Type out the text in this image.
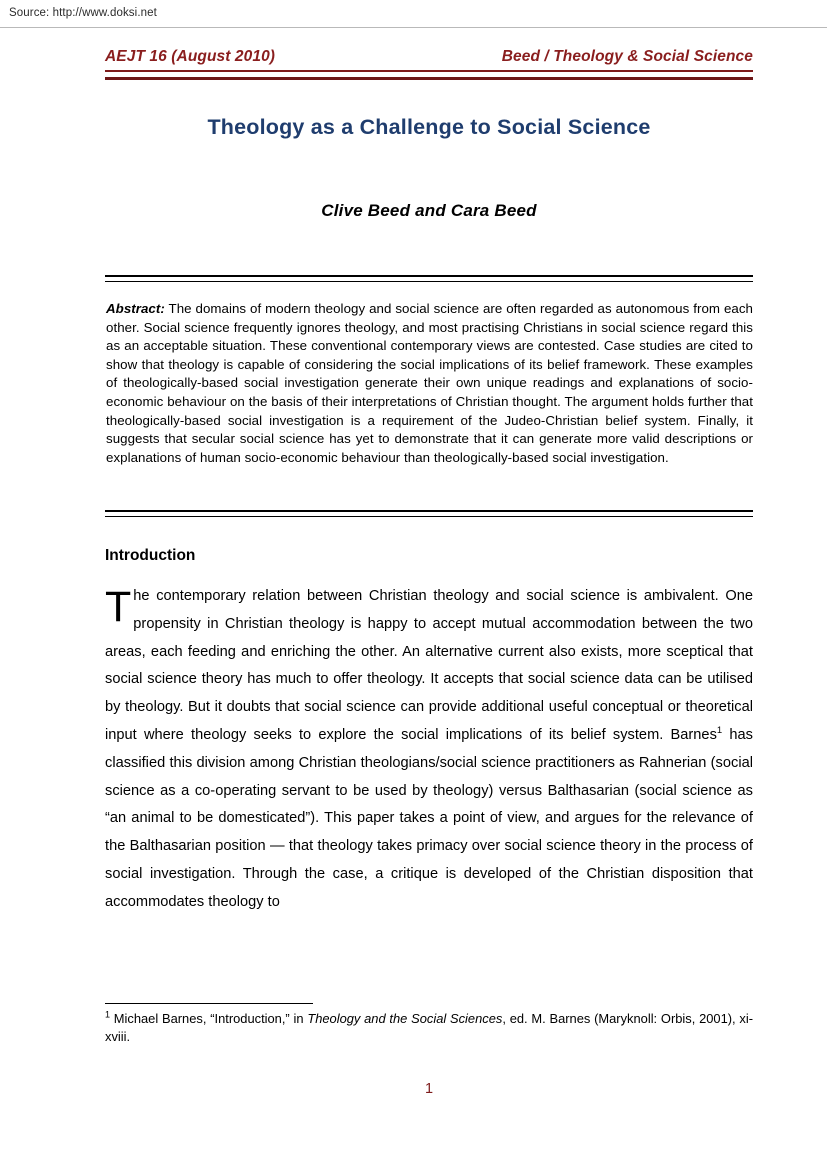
Source: http://www.doksi.net
AEJT 16 (August 2010)	Beed / Theology & Social Science
Theology as a Challenge to Social Science
Clive Beed and Cara Beed
Abstract: The domains of modern theology and social science are often regarded as autonomous from each other. Social science frequently ignores theology, and most practising Christians in social science regard this as an acceptable situation. These conventional contemporary views are contested. Case studies are cited to show that theology is capable of considering the social implications of its belief framework. These examples of theologically-based social investigation generate their own unique readings and explanations of socio-economic behaviour on the basis of their interpretations of Christian thought. The argument holds further that theologically-based social investigation is a requirement of the Judeo-Christian belief system. Finally, it suggests that secular social science has yet to demonstrate that it can generate more valid descriptions or explanations of human socio-economic behaviour than theologically-based social investigation.
Introduction
The contemporary relation between Christian theology and social science is ambivalent. One propensity in Christian theology is happy to accept mutual accommodation between the two areas, each feeding and enriching the other. An alternative current also exists, more sceptical that social science theory has much to offer theology. It accepts that social science data can be utilised by theology. But it doubts that social science can provide additional useful conceptual or theoretical input where theology seeks to explore the social implications of its belief system. Barnes$^1$ has classified this division among Christian theologians/social science practitioners as Rahnerian (social science as a co-operating servant to be used by theology) versus Balthasarian (social science as “an animal to be domesticated”). This paper takes a point of view, and argues for the relevance of the Balthasarian position — that theology takes primacy over social science theory in the process of social investigation. Through the case, a critique is developed of the Christian disposition that accommodates theology to
$^1$ Michael Barnes, “Introduction,” in Theology and the Social Sciences, ed. M. Barnes (Maryknoll: Orbis, 2001), xi-xviii.
1
